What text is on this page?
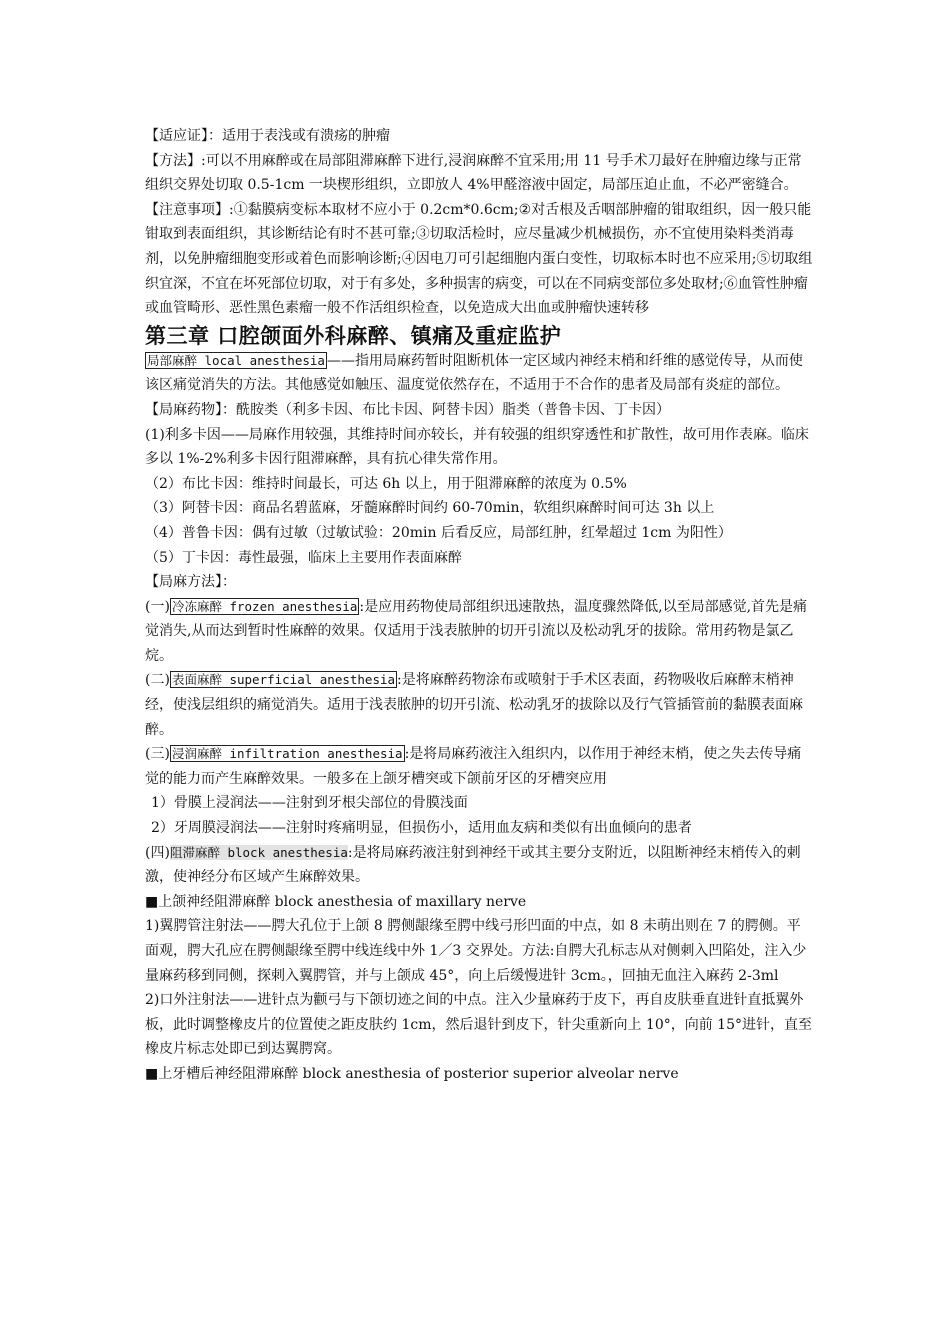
【适应证】：适用于表浅或有溃疡的肿瘤

【方法】:可以不用麻醉或在局部阻滞麻醉下进行,浸润麻醉不宜采用;用 11 号手术刀最好在肿瘤边缘与正常组织交界处切取 0.5-1cm 一块楔形组织，立即放人 4%甲醛溶液中固定，局部压迫止血，不必严密缝合。

【注意事项】:①黏膜病变标本取材不应小于 0.2cm*0.6cm;②对舌根及舌咽部肿瘤的钳取组织，因一般只能钳取到表面组织，其诊断结论有时不甚可靠;③切取活检时，应尽量减少机械损伤，亦不宜使用染料类消毒剂，以免肿瘤细胞变形或着色而影响诊断;④因电刀可引起细胞内蛋白变性，切取标本时也不应采用;⑤切取组织宜深，不宜在坏死部位切取，对于有多处，多种损害的病变，可以在不同病变部位多处取材;⑥血管性肿瘤或血管畸形、恶性黑色素瘤一般不作活组织检查，以免造成大出血或肿瘤快速转移

第三章 口腔颌面外科麻醉、镇痛及重症监护

局部麻醉 local anesthesia ——指用局麻药暂时阻断机体一定区域内神经末梢和纤维的感觉传导，从而使该区痛觉消失的方法。其他感觉如触压、温度觉依然存在，不适用于不合作的患者及局部有炎症的部位。

【局麻药物】：酰胺类（利多卡因、布比卡因、阿替卡因）脂类（普鲁卡因、丁卡因）

(1)利多卡因——局麻作用较强，其维持时间亦较长，并有较强的组织穿透性和扩散性，故可用作表麻。临床多以 1%-2%利多卡因行阻滞麻醉，具有抗心律失常作用。

（2）布比卡因：维持时间最长，可达 6h 以上，用于阻滞麻醉的浓度为 0.5%

（3）阿替卡因：商品名碧蓝麻，牙髓麻醉时间约 60-70min，软组织麻醉时间可达 3h 以上

（4）普鲁卡因：偶有过敏（过敏试验：20min 后看反应，局部红肿，红晕超过 1cm 为阳性）

（5）丁卡因：毒性最强，临床上主要用作表面麻醉

【局麻方法】：

(一) 冷冻麻醉 frozen anesthesia :是应用药物使局部组织迅速散热，温度骤然降低,以至局部感觉,首先是痛觉消失,从而达到暂时性麻醉的效果。仅适用于浅表脓肿的切开引流以及松动乳牙的拔除。常用药物是氯乙烷。

(二) 表面麻醉 superficial anesthesia :是将麻醉药物涂布或喷射于手术区表面，药物吸收后麻醉末梢神经，使浅层组织的痛觉消失。适用于浅表脓肿的切开引流、松动乳牙的拔除以及行气管插管前的黏膜表面麻醉。

(三) 浸润麻醉 infiltration anesthesia :是将局麻药液注入组织内，以作用于神经末梢，使之失去传导痛觉的能力而产生麻醉效果。一般多在上颌牙槽突或下颌前牙区的牙槽突应用

1）骨膜上浸润法——注射到牙根尖部位的骨膜浅面

2）牙周膜浸润法——注射时疼痛明显，但损伤小，适用血友病和类似有出血倾向的患者

(四)阻滞麻醉 block anesthesia:是将局麻药液注射到神经干或其主要分支附近，以阻断神经末梢传入的刺激，使神经分布区域产生麻醉效果。

■上颌神经阻滞麻醉 block anesthesia of maxillary nerve

1)翼腭管注射法——腭大孔位于上颌 8 腭侧龈缘至腭中线弓形凹面的中点，如 8 未萌出则在 7 的腭侧。平面观，腭大孔应在腭侧龈缘至腭中线连线中外 1／3 交界处。方法:自腭大孔标志从对侧刺入凹陷处，注入少量麻药移到同侧，探刺入翼腭管，并与上颌成 45°，向上后缓慢进针 3cm。，回抽无血注入麻药 2-3ml

2)口外注射法——进针点为颧弓与下颌切迹之间的中点。注入少量麻药于皮下，再自皮肤垂直进针直抵翼外板，此时调整橡皮片的位置使之距皮肤约 1cm，然后退针到皮下，针尖重新向上 10°，向前 15°进针，直至橡皮片标志处即已到达翼腭窝。

■上牙槽后神经阻滞麻醉 block anesthesia of posterior superior alveolar nerve
